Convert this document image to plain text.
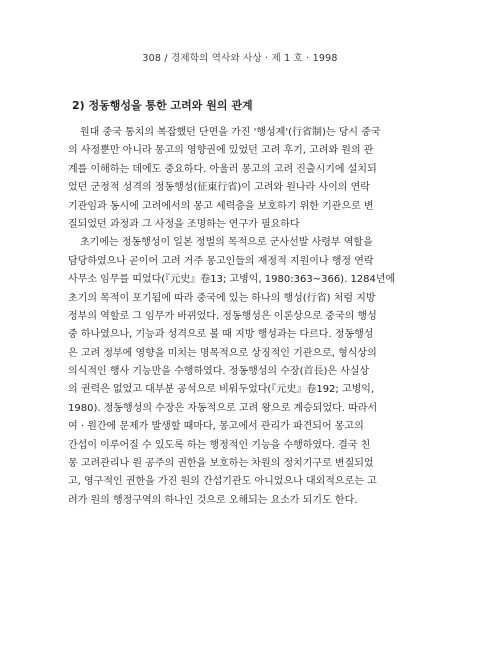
308 / 경제학의 역사와 사상 · 제 1 호 · 1998
2) 정동행성을 통한 고려와 원의 관계
원대 중국 통치의 복잡했던 단면을 가진 '행성제'(行省制)는 당시 중국
의 사정뿐만 아니라 몽고의 영향권에 있었던 고려 후기, 고려와 원의 관
계를 이해하는 데에도 중요하다. 아울러 몽고의 고려 진출시기에 설치되
었던 군정적 성격의 정동행성(征東行省)이 고려와 원나라 사이의 연락
기관임과 동시에 고려에서의 몽고 세력층을 보호하기 위한 기관으로 변
질되었던 과정과 그 사정을 조명하는 연구가 필요하다
초기에는 정동행성이 일본 정벌의 목적으로 군사선발 사령부 역할을
담당하였으나 곧이어 고려 거주 몽고인들의 재정적 지원이나 행정 연락
사무소 임무를 띠었다(『元史』卷13; 고병익, 1980:363~366). 1284년에
초기의 목적이 포기됨에 따라 중국에 있는 하나의 행성(行省) 처럼 지방
정부의 역할로 그 임무가 바뀌었다. 정동행성은 이론상으로 중국의 행성
중 하나였으나, 기능과 성격으로 볼 때 지방 행성과는 다르다. 정동행성
은 고려 정부에 영향을 미치는 명목적으로 상징적인 기관으로, 형식상의
의식적인 행사 기능만을 수행하였다. 정동행성의 수장(首長)은 사실상
의 권력은 없었고 대부분 공석으로 비워두었다(『元史』卷192; 고병익,
1980). 정동행성의 수장은 자동적으로 고려 왕으로 계승되었다. 따라서
여 · 원간에 문제가 발생할 때마다, 몽고에서 관리가 파견되어 몽고의
간섭이 이루어질 수 있도록 하는 행정적인 기능을 수행하였다. 결국 친
몽 고려관리나 원 공주의 권한을 보호하는 차원의 정치기구로 변질되었
고, 영구적인 권한을 가진 원의 간섭기관도 아니었으나 대외적으로는 고
려가 원의 행정구역의 하나인 것으로 오해되는 요소가 되기도 한다.
